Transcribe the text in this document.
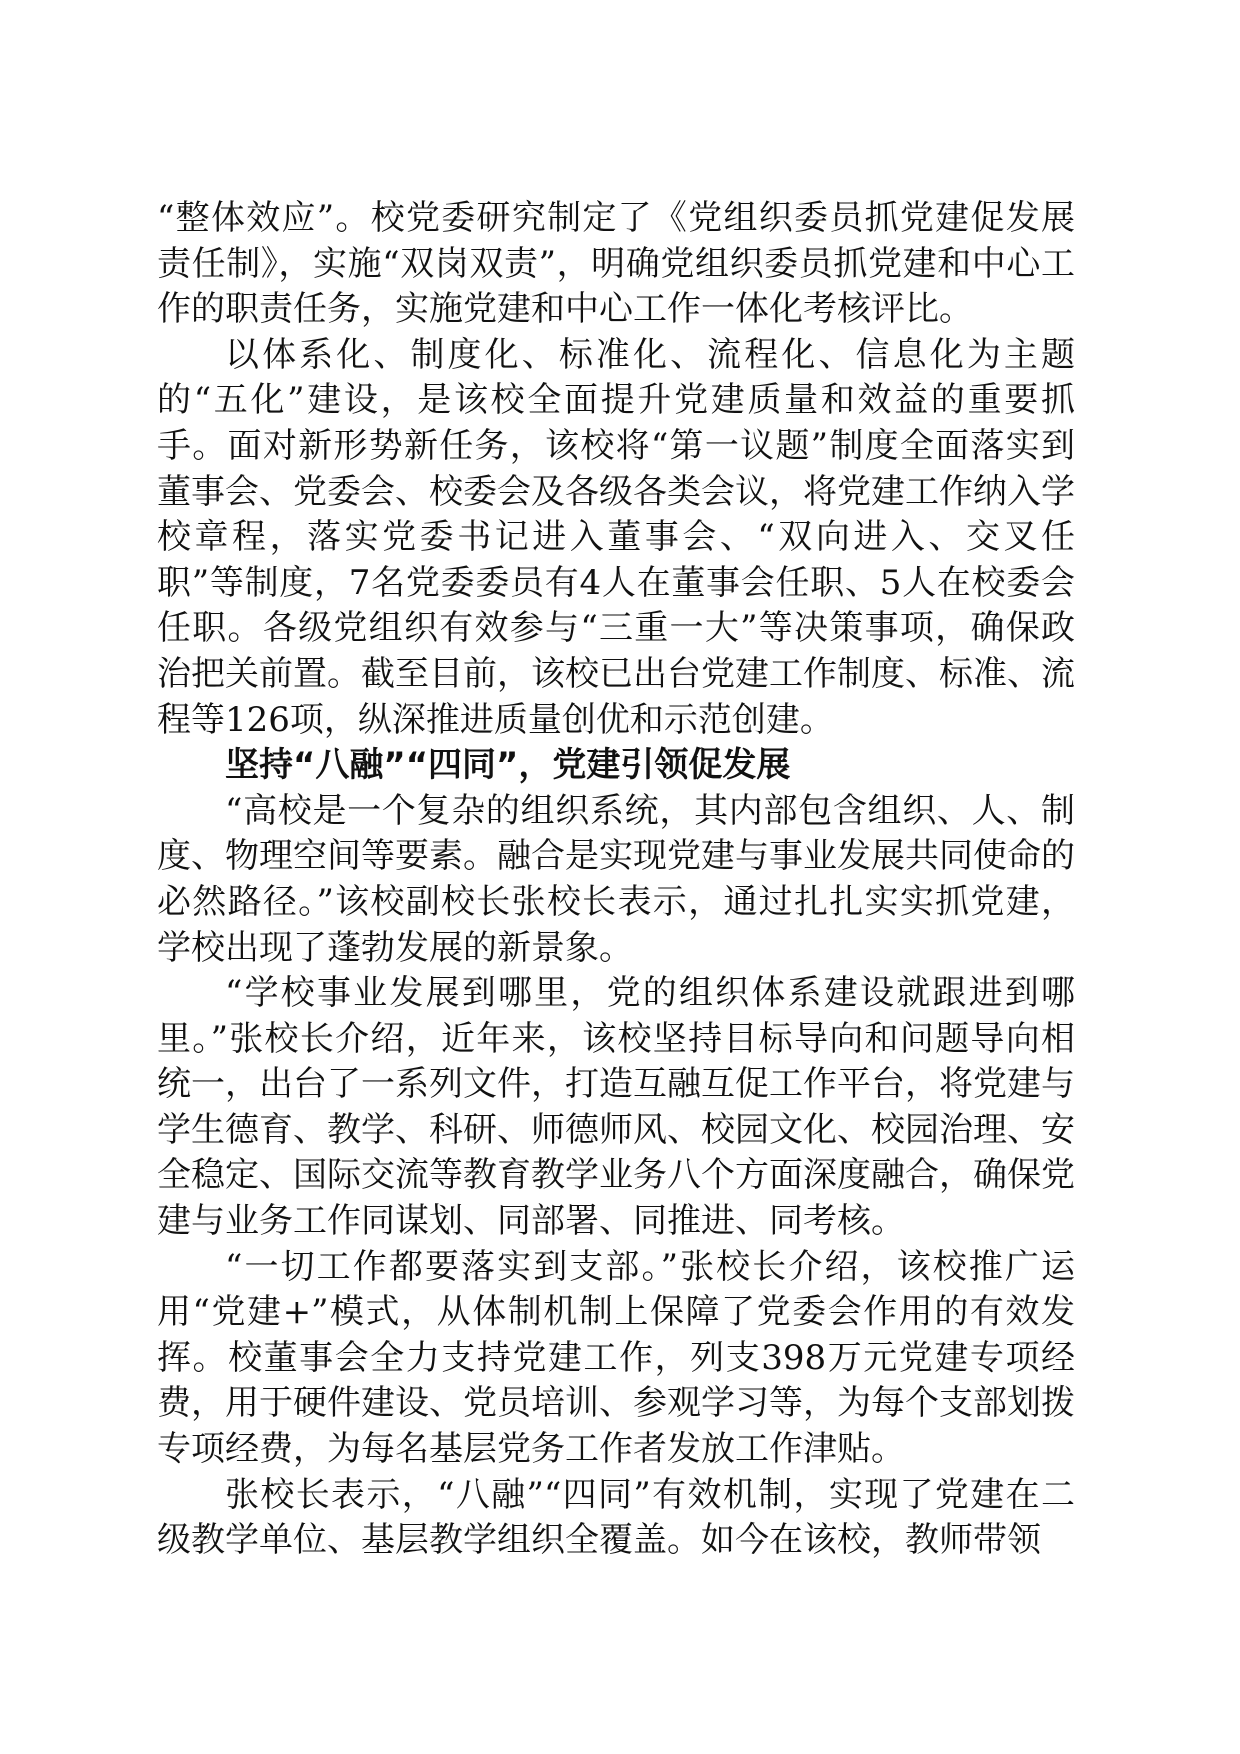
“整体效应”。校党委研究制定了《党组织委员抓党建促发展责任制》，实施“双岗双责”，明确党组织委员抓党建和中心工作的职责任务，实施党建和中心工作一体化考核评比。

以体系化、制度化、标准化、流程化、信息化为主题的“五化”建设，是该校全面提升党建质量和效益的重要抓手。面对新形势新任务，该校将“第一议题”制度全面落实到董事会、党委会、校委会及各级各类会议，将党建工作纳入学校章程，落实党委书记进入董事会、“双向进入、交叉任职”等制度，7名党委委员有4人在董事会任职、5人在校委会任职。各级党组织有效参与“三重一大”等决策事项，确保政治把关前置。截至目前，该校已出台党建工作制度、标准、流程等126项，纵深推进质量创优和示范创建。

坚持“八融”“四同”，党建引领促发展

“高校是一个复杂的组织系统，其内部包含组织、人、制度、物理空间等要素。融合是实现党建与事业发展共同使命的必然路径。”该校副校长张校长表示，通过扎扎实实抓党建，学校出现了蓬勃发展的新景象。

“学校事业发展到哪里，党的组织体系建设就跟进到哪里。”张校长介绍，近年来，该校坚持目标导向和问题导向相统一，出台了一系列文件，打造互融互促工作平台，将党建与学生德育、教学、科研、师德师风、校园文化、校园治理、安全稳定、国际交流等教育教学业务八个方面深度融合，确保党建与业务工作同谋划、同部署、同推进、同考核。

“一切工作都要落实到支部。”张校长介绍，该校推广运用“党建+”模式，从体制机制上保障了党委会作用的有效发挥。校董事会全力支持党建工作，列支398万元党建专项经费，用于硬件建设、党员培训、参观学习等，为每个支部划拨专项经费，为每名基层党务工作者发放工作津贴。

张校长表示，“八融”“四同”有效机制，实现了党建在二级教学单位、基层教学组织全覆盖。如今在该校，教师带领
